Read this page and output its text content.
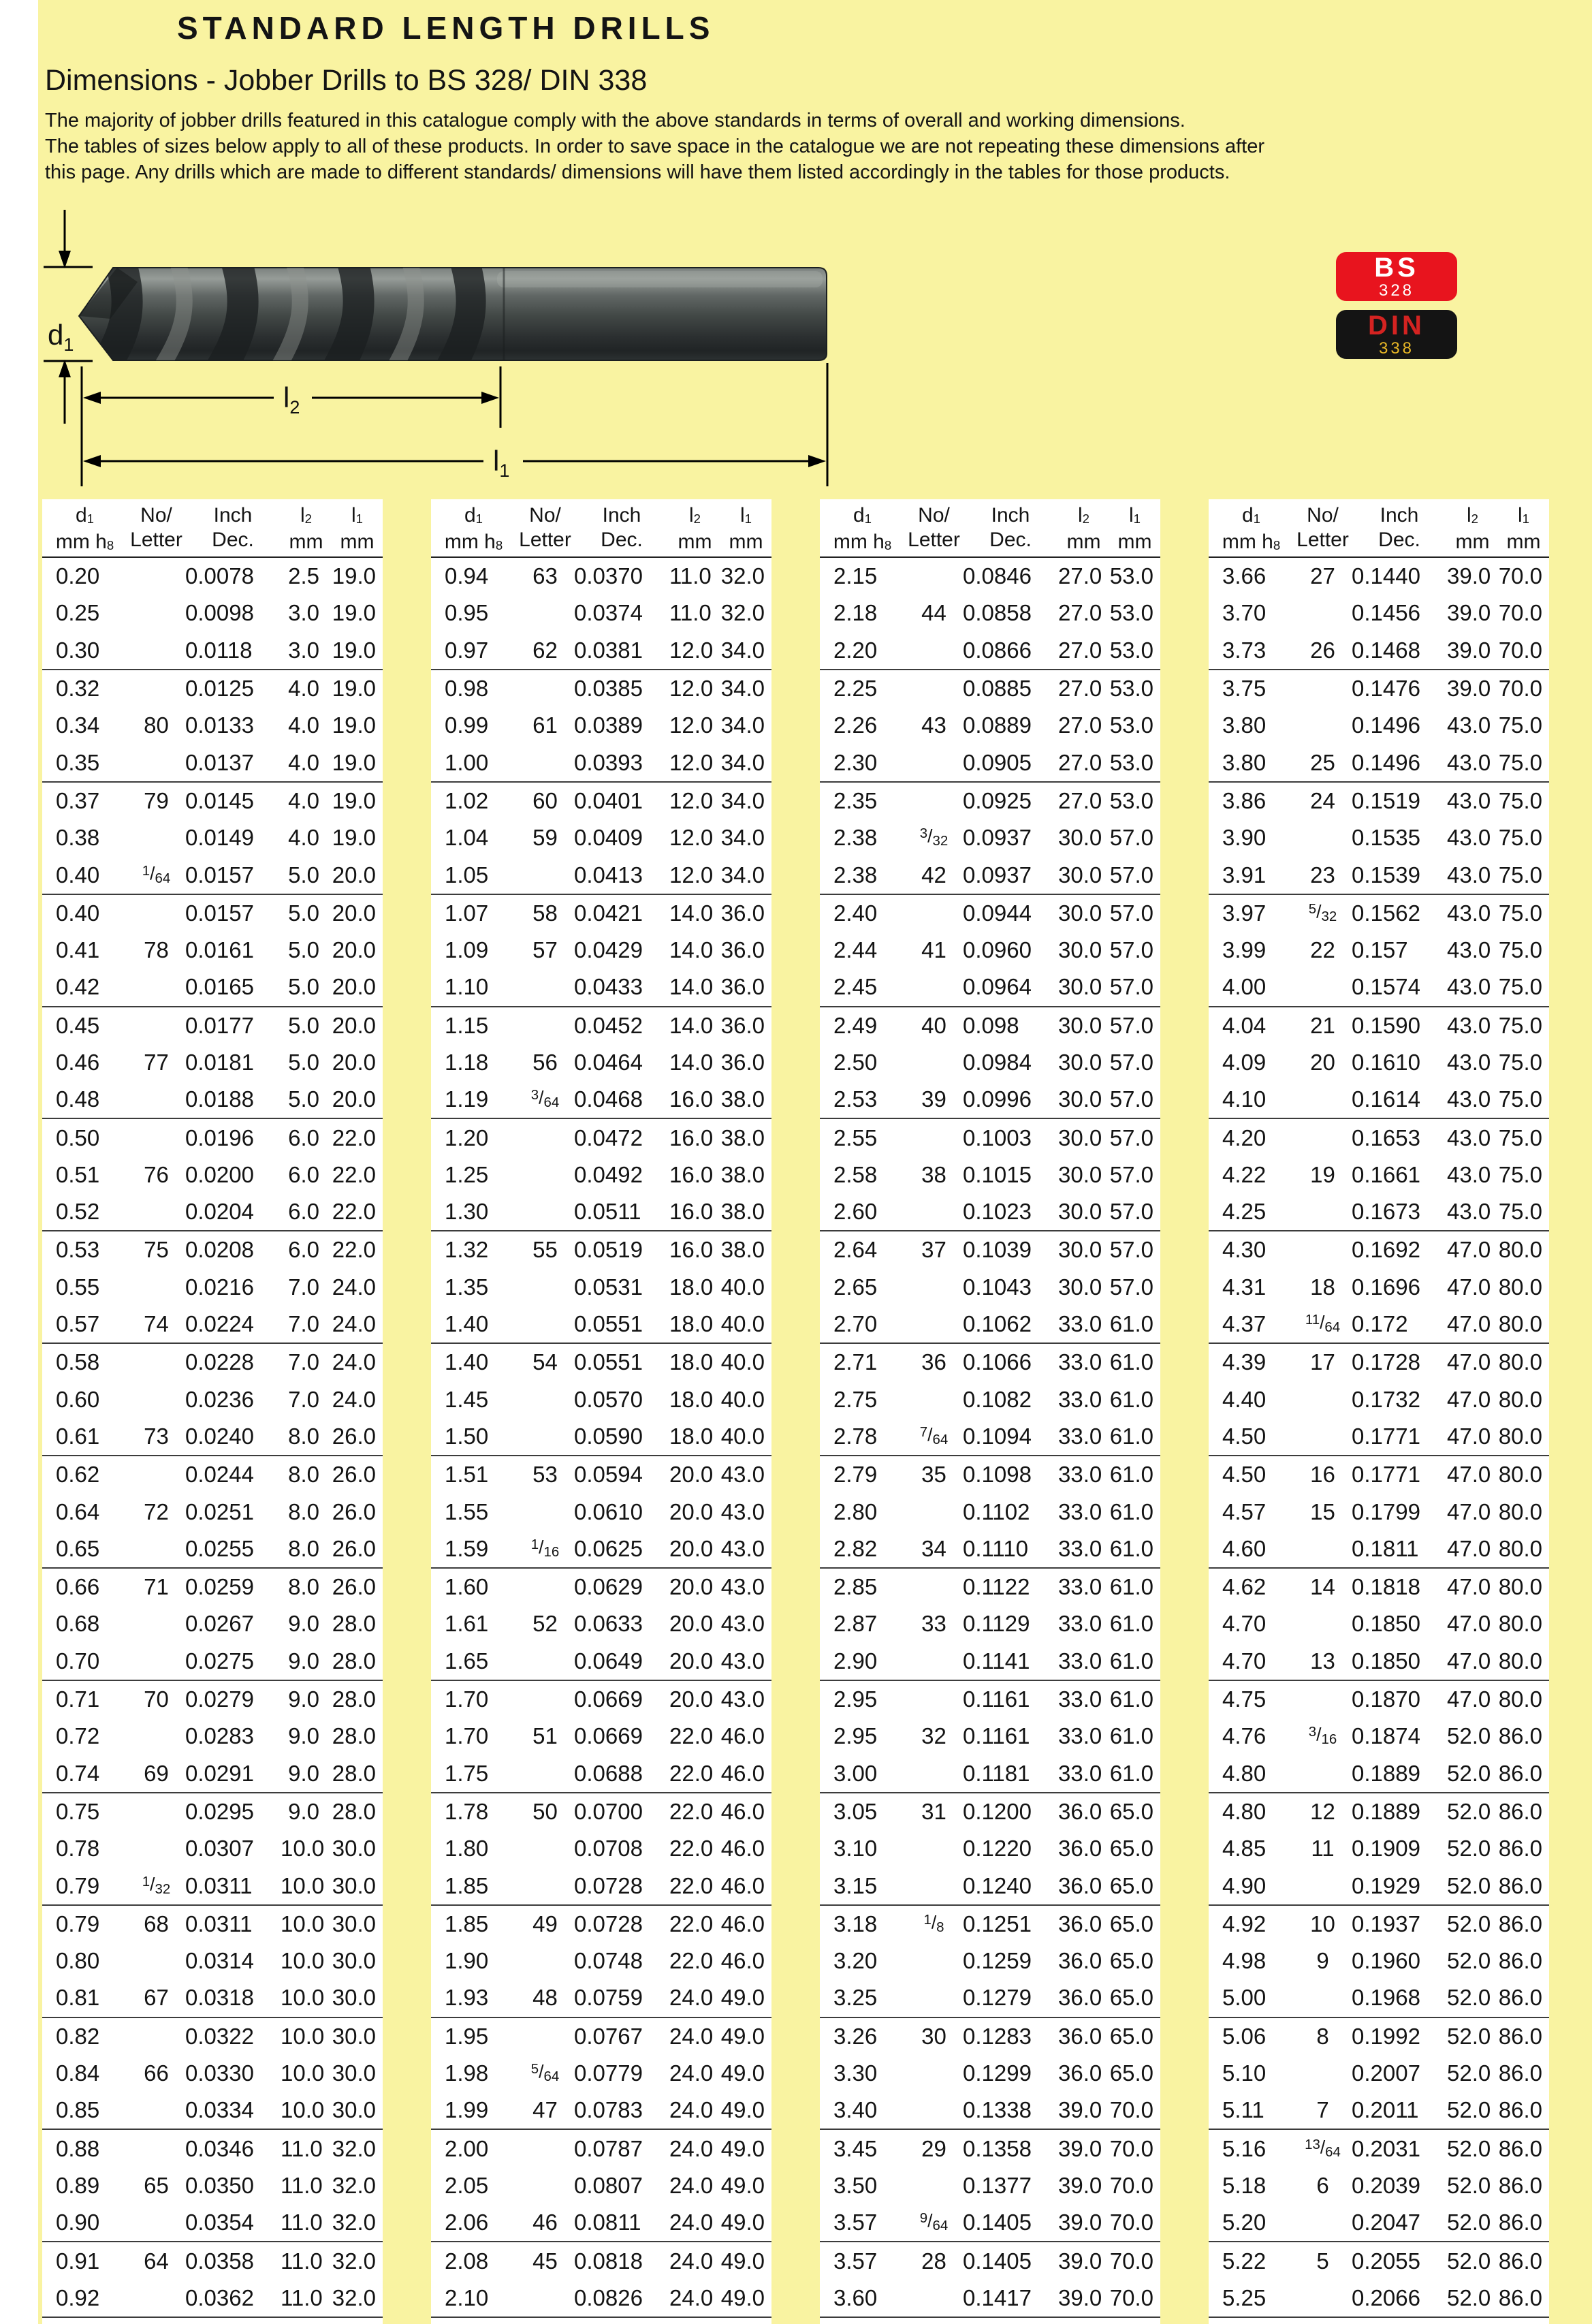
STANDARD LENGTH DRILLS
Dimensions - Jobber Drills to BS 328/ DIN 338
The majority of jobber drills featured in this catalogue comply with the above standards in terms of overall and working dimensions.
The tables of sizes below apply to all of these products. In order to save space in the catalogue we are not repeating these dimensions after
this page. Any drills which are made to different standards/ dimensions will have them listed accordingly in the tables for those products.
$d_1$
$l_2$
$l_1$
BS
328
DIN
338
$d_1$
mm $h_8$
No/
Letter
Inch
Dec.
$l_2$
mm
$l_1$
mm
0.20	0.0078	2.5 19.0
0.25	0.0098	3.0 19.0
0.30	0.0118	3.0 19.0
0.32	0.0125	4.0 19.0
0.34	80 0.0133	4.0 19.0
0.35	0.0137	4.0 19.0
0.37	79 0.0145	4.0 19.0
0.38	0.0149	4.0 19.0
0.40	$^1$/64 0.0157	5.0 20.0
0.40	0.0157	5.0 20.0
0.41	78 0.0161	5.0 20.0
0.42	0.0165	5.0 20.0
0.45	0.0177	5.0 20.0
0.46	77 0.0181	5.0 20.0
0.48	0.0188	5.0 20.0
0.50	0.0196	6.0 22.0
0.51	76 0.0200	6.0 22.0
0.52	0.0204	6.0 22.0
0.53	75 0.0208	6.0 22.0
0.55	0.0216	7.0 24.0
0.57	74 0.0224	7.0 24.0
0.58	0.0228	7.0 24.0
0.60	0.0236	7.0 24.0
0.61	73 0.0240	8.0 26.0
0.62	0.0244	8.0 26.0
0.64	72 0.0251	8.0 26.0
0.65	0.0255	8.0 26.0
0.66	71 0.0259	8.0 26.0
0.68	0.0267	9.0 28.0
0.70	0.0275	9.0 28.0
0.71	70 0.0279	9.0 28.0
0.72	0.0283	9.0 28.0
0.74	69 0.0291	9.0 28.0
0.75	0.0295	9.0 28.0
0.78	0.0307	10.0 30.0
0.79	$^1$/32 0.0311	10.0 30.0
0.79	68 0.0311	10.0 30.0
0.80	0.0314	10.0 30.0
0.81	67 0.0318	10.0 30.0
0.82	0.0322	10.0 30.0
0.84	66 0.0330	10.0 30.0
0.85	0.0334	10.0 30.0
0.88	0.0346	11.0 32.0
0.89	65 0.0350	11.0 32.0
0.90	0.0354	11.0 32.0
0.91	64 0.0358	11.0 32.0
0.92	0.0362	11.0 32.0
$d_1$
mm $h_8$
No/
Letter
Inch
Dec.
$l_2$
mm
$l_1$
mm
0.94	63 0.0370	11.0 32.0
0.95	0.0374	11.0 32.0
0.97	62 0.0381	12.0 34.0
0.98	0.0385	12.0 34.0
0.99	61 0.0389	12.0 34.0
1.00	0.0393	12.0 34.0
1.02	60 0.0401	12.0 34.0
1.04	59 0.0409	12.0 34.0
1.05	0.0413	12.0 34.0
1.07	58 0.0421	14.0 36.0
1.09	57 0.0429	14.0 36.0
1.10	0.0433	14.0 36.0
1.15	0.0452	14.0 36.0
1.18	56 0.0464	14.0 36.0
1.19	$^3$/64 0.0468	16.0 38.0
1.20	0.0472	16.0 38.0
1.25	0.0492	16.0 38.0
1.30	0.0511	16.0 38.0
1.32	55 0.0519	16.0 38.0
1.35	0.0531	18.0 40.0
1.40	0.0551	18.0 40.0
1.40	54 0.0551	18.0 40.0
1.45	0.0570	18.0 40.0
1.50	0.0590	18.0 40.0
1.51	53 0.0594	20.0 43.0
1.55	0.0610	20.0 43.0
1.59	$^1$/16 0.0625	20.0 43.0
1.60	0.0629	20.0 43.0
1.61	52 0.0633	20.0 43.0
1.65	0.0649	20.0 43.0
1.70	0.0669	20.0 43.0
1.70	51 0.0669	22.0 46.0
1.75	0.0688	22.0 46.0
1.78	50 0.0700	22.0 46.0
1.80	0.0708	22.0 46.0
1.85	0.0728	22.0 46.0
1.85	49 0.0728	22.0 46.0
1.90	0.0748	22.0 46.0
1.93	48 0.0759	24.0 49.0
1.95	0.0767	24.0 49.0
1.98	$^5$/64 0.0779	24.0 49.0
1.99	47 0.0783	24.0 49.0
2.00	0.0787	24.0 49.0
2.05	0.0807	24.0 49.0
2.06	46 0.0811	24.0 49.0
2.08	45 0.0818	24.0 49.0
2.10	0.0826	24.0 49.0
$d_1$
mm $h_8$
No/
Letter
Inch
Dec.
$l_2$
mm
$l_1$
mm
2.15	0.0846	27.0 53.0
2.18	44 0.0858	27.0 53.0
2.20	0.0866	27.0 53.0
2.25	0.0885	27.0 53.0
2.26	43 0.0889	27.0 53.0
2.30	0.0905	27.0 53.0
2.35	0.0925	27.0 53.0
2.38	$^3$/32 0.0937	30.0 57.0
2.38	42 0.0937	30.0 57.0
2.40	0.0944	30.0 57.0
2.44	41 0.0960	30.0 57.0
2.45	0.0964	30.0 57.0
2.49	40 0.098	30.0 57.0
2.50	0.0984	30.0 57.0
2.53	39 0.0996	30.0 57.0
2.55	0.1003	30.0 57.0
2.58	38 0.1015	30.0 57.0
2.60	0.1023	30.0 57.0
2.64	37 0.1039	30.0 57.0
2.65	0.1043	30.0 57.0
2.70	0.1062	33.0 61.0
2.71	36 0.1066	33.0 61.0
2.75	0.1082	33.0 61.0
2.78	$^7$/64 0.1094	33.0 61.0
2.79	35 0.1098	33.0 61.0
2.80	0.1102	33.0 61.0
2.82	34 0.1110	33.0 61.0
2.85	0.1122	33.0 61.0
2.87	33 0.1129	33.0 61.0
2.90	0.1141	33.0 61.0
2.95	0.1161	33.0 61.0
2.95	32 0.1161	33.0 61.0
3.00	0.1181	33.0 61.0
3.05	31 0.1200	36.0 65.0
3.10	0.1220	36.0 65.0
3.15	0.1240	36.0 65.0
3.18	$^1$/8 0.1251	36.0 65.0
3.20	0.1259	36.0 65.0
3.25	0.1279	36.0 65.0
3.26	30 0.1283	36.0 65.0
3.30	0.1299	36.0 65.0
3.40	0.1338	39.0 70.0
3.45	29 0.1358	39.0 70.0
3.50	0.1377	39.0 70.0
3.57	$^9$/64 0.1405	39.0 70.0
3.57	28 0.1405	39.0 70.0
3.60	0.1417	39.0 70.0
$d_1$
mm $h_8$
No/
Letter
Inch
Dec.
$l_2$
mm
$l_1$
mm
3.66	27 0.1440	39.0 70.0
3.70	0.1456	39.0 70.0
3.73	26 0.1468	39.0 70.0
3.75	0.1476	39.0 70.0
3.80	0.1496	43.0 75.0
3.80	25 0.1496	43.0 75.0
3.86	24 0.1519	43.0 75.0
3.90	0.1535	43.0 75.0
3.91	23 0.1539	43.0 75.0
3.97	$^5$/32 0.1562	43.0 75.0
3.99	22 0.157	43.0 75.0
4.00	0.1574	43.0 75.0
4.04	21 0.1590	43.0 75.0
4.09	20 0.1610	43.0 75.0
4.10	0.1614	43.0 75.0
4.20	0.1653	43.0 75.0
4.22	19 0.1661	43.0 75.0
4.25	0.1673	43.0 75.0
4.30	0.1692	47.0 80.0
4.31	18 0.1696	47.0 80.0
4.37	$^{11}$/64 0.172	47.0 80.0
4.39	17 0.1728	47.0 80.0
4.40	0.1732	47.0 80.0
4.50	0.1771	47.0 80.0
4.50	16 0.1771	47.0 80.0
4.57	15 0.1799	47.0 80.0
4.60	0.1811	47.0 80.0
4.62	14 0.1818	47.0 80.0
4.70	0.1850	47.0 80.0
4.70	13 0.1850	47.0 80.0
4.75	0.1870	47.0 80.0
4.76	$^3$/16 0.1874	52.0 86.0
4.80	0.1889	52.0 86.0
4.80	12 0.1889	52.0 86.0
4.85	11 0.1909	52.0 86.0
4.90	0.1929	52.0 86.0
4.92	10 0.1937	52.0 86.0
4.98	9	0.1960	52.0 86.0
5.00	0.1968	52.0 86.0
5.06	8	0.1992	52.0 86.0
5.10	0.2007	52.0 86.0
5.11	7	0.2011	52.0 86.0
5.16	$^{13}$/64 0.2031	52.0 86.0
5.18	6	0.2039	52.0 86.0
5.20	0.2047	52.0 86.0
5.22	5	0.2055	52.0 86.0
5.25	0.2066	52.0 86.0
